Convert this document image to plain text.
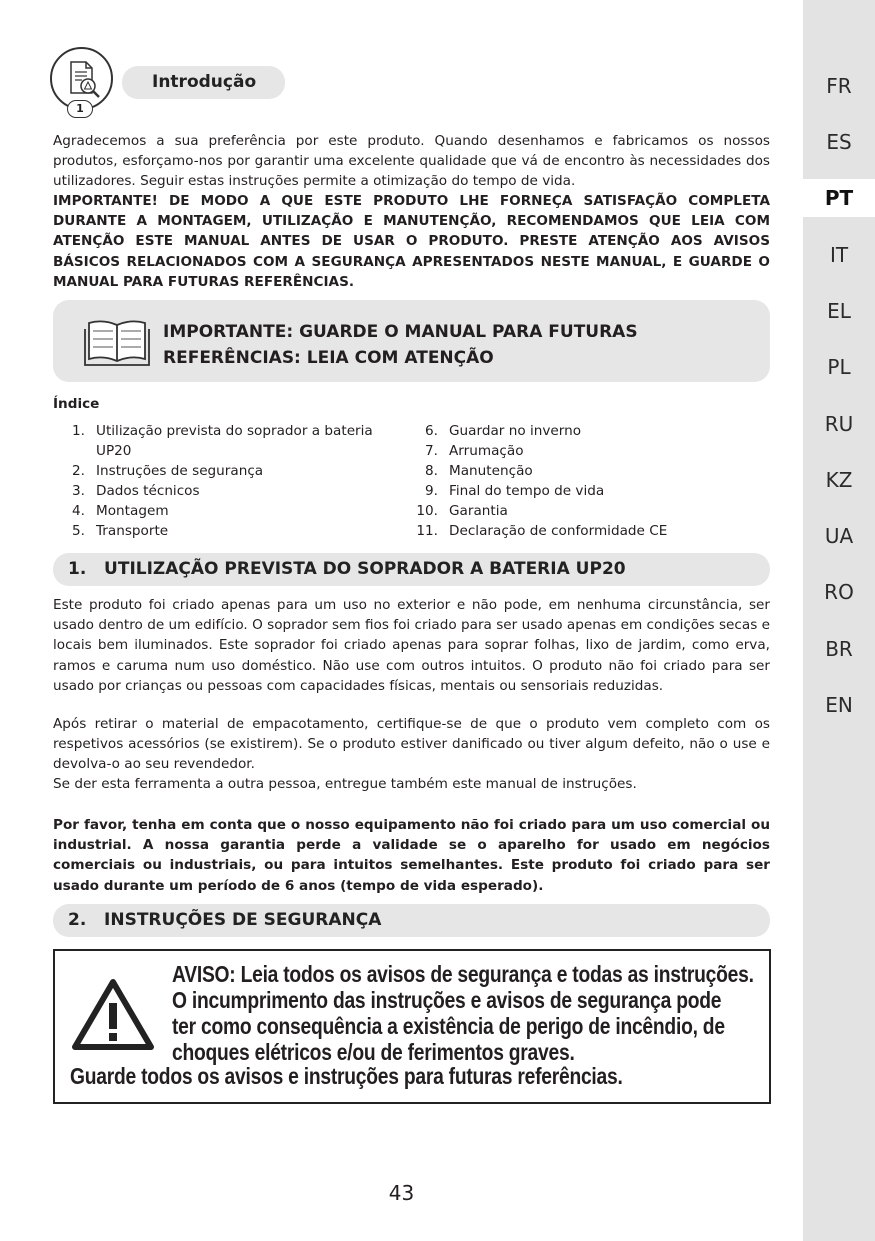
FR
ES
PT
IT
EL
PL
RU
KZ
UA
RO
BR
EN
Introdução
1
Agradecemos a sua preferência por este produto. Quando desenhamos e fabricamos os nossos produtos, esforçamo-nos por garantir uma excelente qualidade que vá de encontro às necessidades dos utilizadores. Seguir estas instruções permite a otimização do tempo de vida.
IMPORTANTE! DE MODO A QUE ESTE PRODUTO LHE FORNEÇA SATISFAÇÃO COMPLETA DURANTE A MONTAGEM, UTILIZAÇÃO E MANUTENÇÃO, RECOMENDAMOS QUE LEIA COM ATENÇÃO ESTE MANUAL ANTES DE USAR O PRODUTO. PRESTE ATENÇÃO AOS AVISOS BÁSICOS RELACIONADOS COM A SEGURANÇA APRESENTADOS NESTE MANUAL, E GUARDE O MANUAL PARA FUTURAS REFERÊNCIAS.
IMPORTANTE: GUARDE O MANUAL PARA FUTURAS
REFERÊNCIAS: LEIA COM ATENÇÃO
Índice
1. Utilização prevista do soprador a bateria UP20
2. Instruções de segurança
3. Dados técnicos
4. Montagem
5. Transporte
6. Guardar no inverno
7. Arrumação
8. Manutenção
9. Final do tempo de vida
10. Garantia
11. Declaração de conformidade CE
1.   UTILIZAÇÃO PREVISTA DO SOPRADOR A BATERIA UP20
Este produto foi criado apenas para um uso no exterior e não pode, em nenhuma circunstância, ser usado dentro de um edifício. O soprador sem fios foi criado para ser usado apenas em condições secas e locais bem iluminados. Este soprador foi criado apenas para soprar folhas, lixo de jardim, como erva, ramos e caruma num uso doméstico. Não use com outros intuitos. O produto não foi criado para ser usado por crianças ou pessoas com capacidades físicas, mentais ou sensoriais reduzidas.
Após retirar o material de empacotamento, certifique-se de que o produto vem completo com os respetivos acessórios (se existirem). Se o produto estiver danificado ou tiver algum defeito, não o use e devolva-o ao seu revendedor.
Se der esta ferramenta a outra pessoa, entregue também este manual de instruções.
Por favor, tenha em conta que o nosso equipamento não foi criado para um uso comercial ou industrial. A nossa garantia perde a validade se o aparelho for usado em negócios comerciais ou industriais, ou para intuitos semelhantes. Este produto foi criado para ser usado durante um período de 6 anos (tempo de vida esperado).
2.   INSTRUÇÕES DE SEGURANÇA
AVISO: Leia todos os avisos de segurança e todas as instruções.
O incumprimento das instruções e avisos de segurança pode
ter como consequência a existência de perigo de incêndio, de
choques elétricos e/ou de ferimentos graves.
Guarde todos os avisos e instruções para futuras referências.
43
